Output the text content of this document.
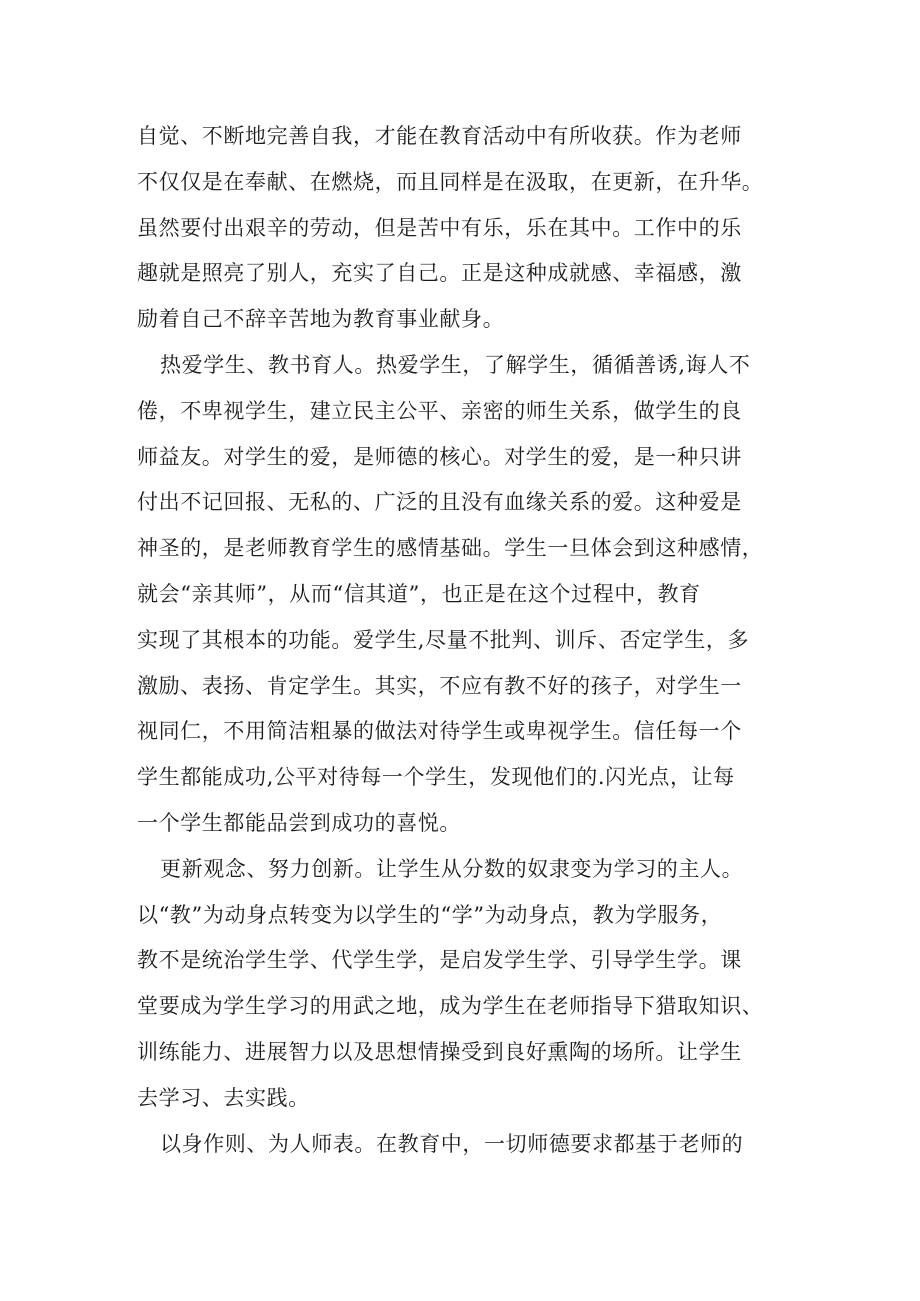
自觉、不断地完善自我，才能在教育活动中有所收获。作为老师
不仅仅是在奉献、在燃烧，而且同样是在汲取，在更新，在升华。
虽然要付出艰辛的劳动，但是苦中有乐，乐在其中。工作中的乐
趣就是照亮了别人，充实了自己。正是这种成就感、幸福感，激
励着自己不辞辛苦地为教育事业献身。
热爱学生、教书育人。热爱学生，了解学生，循循善诱,诲人不
倦，不卑视学生，建立民主公平、亲密的师生关系，做学生的良
师益友。对学生的爱，是师德的核心。对学生的爱，是一种只讲
付出不记回报、无私的、广泛的且没有血缘关系的爱。这种爱是
神圣的，是老师教育学生的感情基础。学生一旦体会到这种感情，
就会“亲其师”，从而“信其道”，也正是在这个过程中，教育
实现了其根本的功能。爱学生,尽量不批判、训斥、否定学生，多
激励、表扬、肯定学生。其实，不应有教不好的孩子，对学生一
视同仁，不用简洁粗暴的做法对待学生或卑视学生。信任每一个
学生都能成功,公平对待每一个学生，发现他们的.闪光点，让每
一个学生都能品尝到成功的喜悦。
更新观念、努力创新。让学生从分数的奴隶变为学习的主人。
以“教”为动身点转变为以学生的“学”为动身点，教为学服务，
教不是统治学生学、代学生学，是启发学生学、引导学生学。课
堂要成为学生学习的用武之地，成为学生在老师指导下猎取知识、
训练能力、进展智力以及思想情操受到良好熏陶的场所。让学生
去学习、去实践。
以身作则、为人师表。在教育中，一切师德要求都基于老师的
